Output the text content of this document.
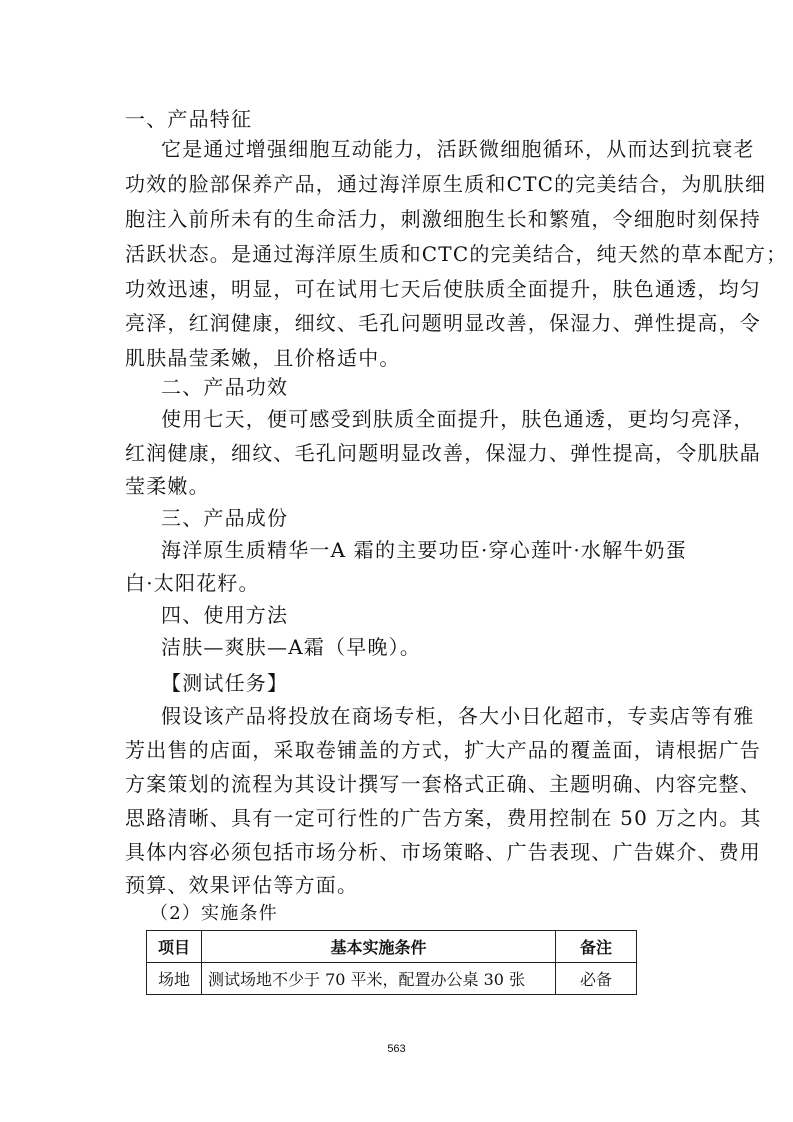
一、产品特征
它是通过增强细胞互动能力，活跃微细胞循环，从而达到抗衰老
功效的脸部保养产品，通过海洋原生质和CTC的完美结合，为肌肤细
胞注入前所未有的生命活力，刺激细胞生长和繁殖，令细胞时刻保持
活跃状态。是通过海洋原生质和CTC的完美结合，纯天然的草本配方；
功效迅速，明显，可在试用七天后使肤质全面提升，肤色通透，均匀
亮泽，红润健康，细纹、毛孔问题明显改善，保湿力、弹性提高，令
肌肤晶莹柔嫩，且价格适中。
二、产品功效
使用七天，便可感受到肤质全面提升，肤色通透，更均匀亮泽，
红润健康，细纹、毛孔问题明显改善，保湿力、弹性提高，令肌肤晶
莹柔嫩。
三、产品成份
海洋原生质精华一A 霜的主要功臣·穿心莲叶·水解牛奶蛋
白·太阳花籽。
四、使用方法
洁肤—爽肤—A霜（早晚）。
【测试任务】
假设该产品将投放在商场专柜，各大小日化超市，专卖店等有雅
芳出售的店面，采取卷铺盖的方式，扩大产品的覆盖面，请根据广告
方案策划的流程为其设计撰写一套格式正确、主题明确、内容完整、
思路清晰、具有一定可行性的广告方案，费用控制在 50 万之内。其
具体内容必须包括市场分析、市场策略、广告表现、广告媒介、费用
预算、效果评估等方面。
（2）实施条件
项目	基本实施条件	备注
场地	测试场地不少于 70 平米，配置办公桌 30 张	必备
563
